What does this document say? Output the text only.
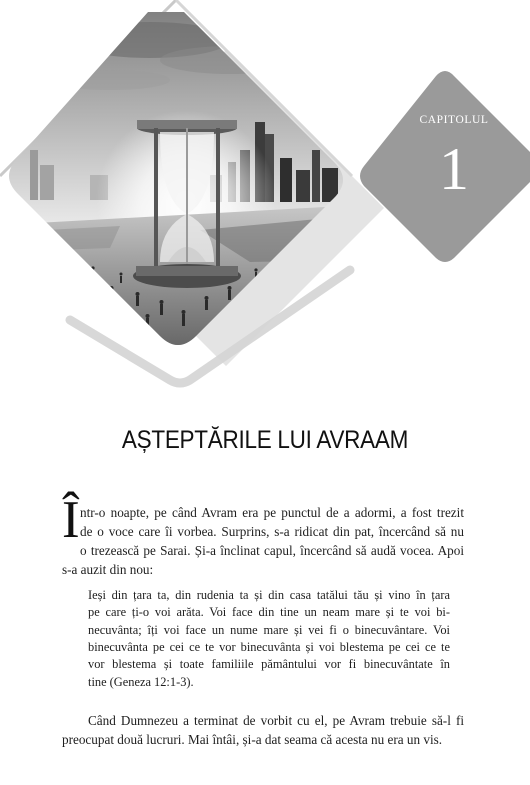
CAPITOLUL
1
AȘTEPTĂRILE LUI AVRAAM
Î ntr-o noapte, pe când Avram era pe punctul de a adormi, a fost trezit

de o voce care îi vorbea. Surprins, s-a ridicat din pat, încercând să nu

o trezească pe Sarai. Și-a înclinat capul, încercând să audă vocea. Apoi

s-a auzit din nou:

Ieși din țara ta, din rudenia ta și din casa tatălui tău și vino în țara

pe care ți-o voi arăta. Voi face din tine un neam mare și te voi bi-

necuvânta; îți voi face un nume mare și vei fi o binecuvântare. Voi

binecuvânta pe cei ce te vor binecuvânta și voi blestema pe cei ce te

vor blestema și toate familiile pământului vor fi binecuvântate în

tine (Geneza 12:1-3).

Când Dumnezeu a terminat de vorbit cu el, pe Avram trebuie să-l fi

preocupat două lucruri. Mai întâi, și-a dat seama că acesta nu era un vis.
